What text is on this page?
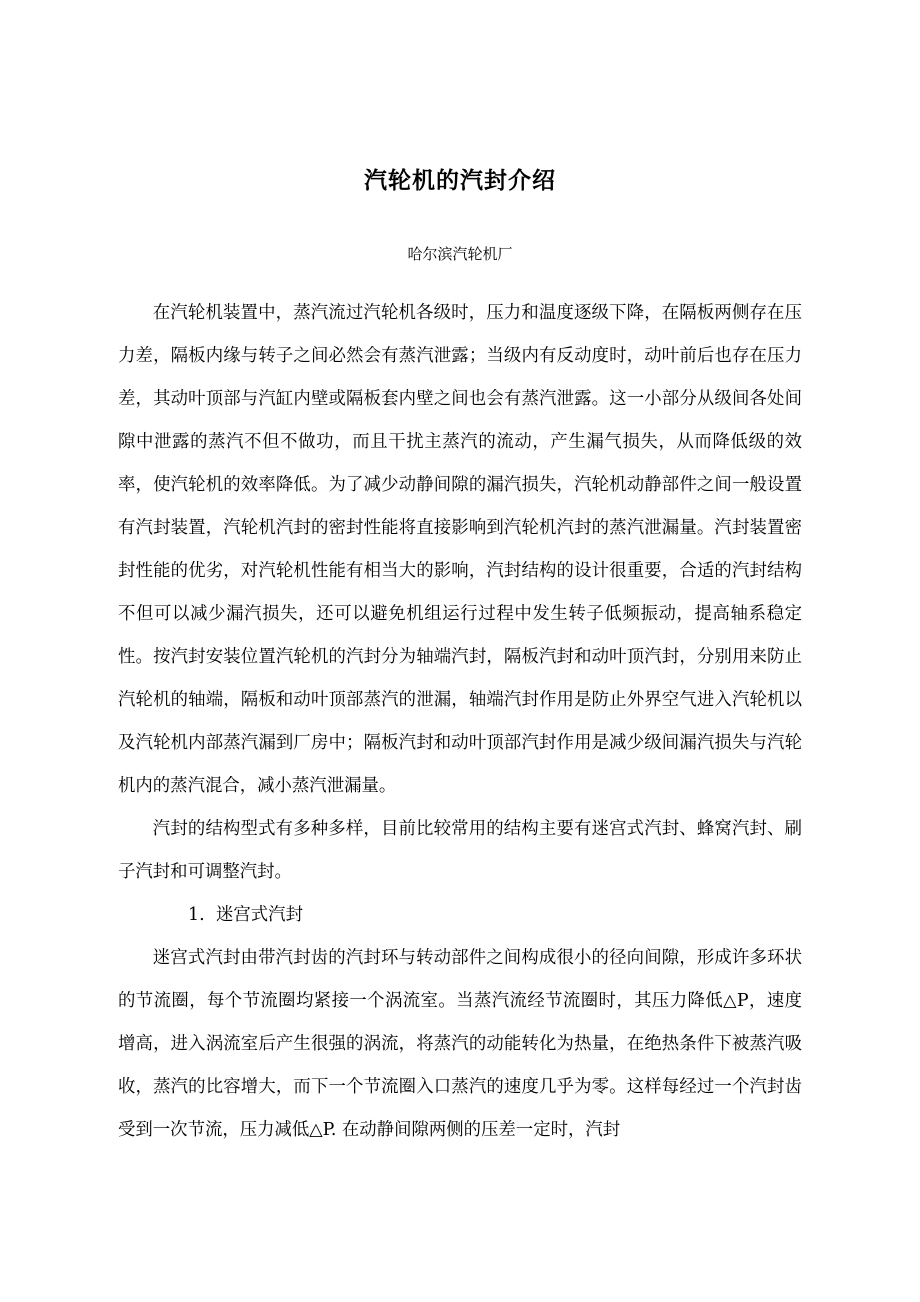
汽轮机的汽封介绍
哈尔滨汽轮机厂

在汽轮机装置中，蒸汽流过汽轮机各级时，压力和温度逐级下降，在隔板两侧存在压力差，隔板内缘与转子之间必然会有蒸汽泄露；当级内有反动度时，动叶前后也存在压力差，其动叶顶部与汽缸内壁或隔板套内壁之间也会有蒸汽泄露。这一小部分从级间各处间隙中泄露的蒸汽不但不做功，而且干扰主蒸汽的流动，产生漏气损失，从而降低级的效率，使汽轮机的效率降低。为了减少动静间隙的漏汽损失，汽轮机动静部件之间一般设置有汽封装置，汽轮机汽封的密封性能将直接影响到汽轮机汽封的蒸汽泄漏量。汽封装置密封性能的优劣，对汽轮机性能有相当大的影响，汽封结构的设计很重要，合适的汽封结构不但可以减少漏汽损失，还可以避免机组运行过程中发生转子低频振动，提高轴系稳定性。按汽封安装位置汽轮机的汽封分为轴端汽封，隔板汽封和动叶顶汽封，分别用来防止汽轮机的轴端，隔板和动叶顶部蒸汽的泄漏，轴端汽封作用是防止外界空气进入汽轮机以及汽轮机内部蒸汽漏到厂房中；隔板汽封和动叶顶部汽封作用是减少级间漏汽损失与汽轮机内的蒸汽混合，减小蒸汽泄漏量。

汽封的结构型式有多种多样，目前比较常用的结构主要有迷宫式汽封、蜂窝汽封、刷子汽封和可调整汽封。

1. 迷宫式汽封

迷宫式汽封由带汽封齿的汽封环与转动部件之间构成很小的径向间隙，形成许多环状的节流圈，每个节流圈均紧接一个涡流室。当蒸汽流经节流圈时，其压力降低△P，速度增高，进入涡流室后产生很强的涡流，将蒸汽的动能转化为热量，在绝热条件下被蒸汽吸收，蒸汽的比容增大，而下一个节流圈入口蒸汽的速度几乎为零。这样每经过一个汽封齿受到一次节流，压力减低△P. 在动静间隙两侧的压差一定时，汽封
